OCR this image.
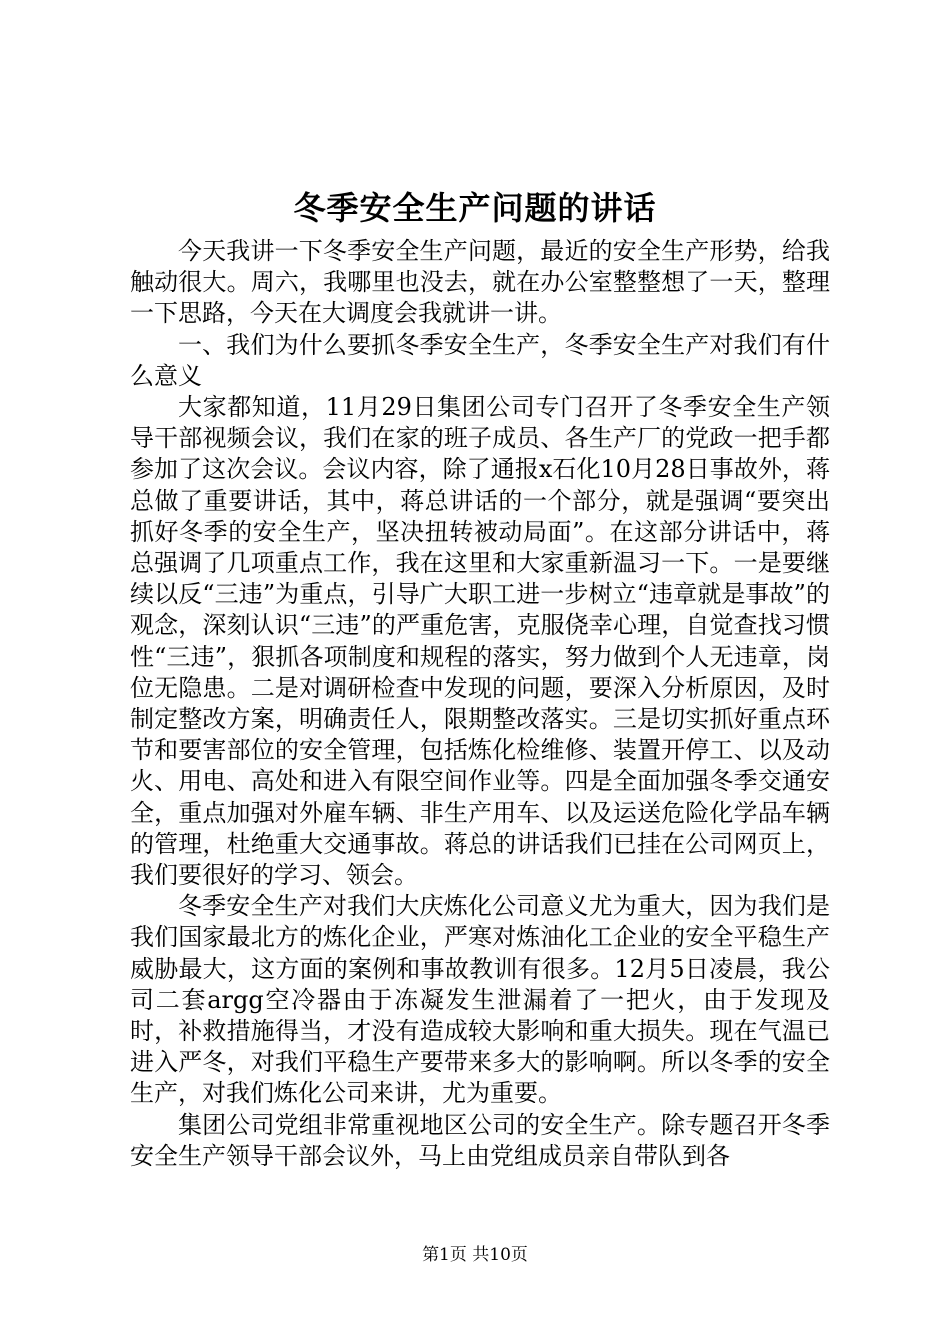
冬季安全生产问题的讲话

今天我讲一下冬季安全生产问题，最近的安全生产形势，给我触动很大。周六，我哪里也没去，就在办公室整整想了一天，整理一下思路，今天在大调度会我就讲一讲。

一、我们为什么要抓冬季安全生产，冬季安全生产对我们有什么意义

大家都知道，11月29日集团公司专门召开了冬季安全生产领导干部视频会议，我们在家的班子成员、各生产厂的党政一把手都参加了这次会议。会议内容，除了通报x石化10月28日事故外，蒋总做了重要讲话，其中，蒋总讲话的一个部分，就是强调“要突出抓好冬季的安全生产，坚决扭转被动局面”。在这部分讲话中，蒋总强调了几项重点工作，我在这里和大家重新温习一下。一是要继续以反“三违”为重点，引导广大职工进一步树立“违章就是事故”的观念，深刻认识“三违”的严重危害，克服侥幸心理，自觉查找习惯性“三违”，狠抓各项制度和规程的落实，努力做到个人无违章，岗位无隐患。二是对调研检查中发现的问题，要深入分析原因，及时制定整改方案，明确责任人，限期整改落实。三是切实抓好重点环节和要害部位的安全管理，包括炼化检维修、装置开停工、以及动火、用电、高处和进入有限空间作业等。四是全面加强冬季交通安全，重点加强对外雇车辆、非生产用车、以及运送危险化学品车辆的管理，杜绝重大交通事故。蒋总的讲话我们已挂在公司网页上，我们要很好的学习、领会。

冬季安全生产对我们大庆炼化公司意义尤为重大，因为我们是我们国家最北方的炼化企业，严寒对炼油化工企业的安全平稳生产威胁最大，这方面的案例和事故教训有很多。12月5日凌晨，我公司二套argg空冷器由于冻凝发生泄漏着了一把火，由于发现及时，补救措施得当，才没有造成较大影响和重大损失。现在气温已进入严冬，对我们平稳生产要带来多大的影响啊。所以冬季的安全生产，对我们炼化公司来讲，尤为重要。

集团公司党组非常重视地区公司的安全生产。除专题召开冬季安全生产领导干部会议外，马上由党组成员亲自带队到各

第1页 共10页
